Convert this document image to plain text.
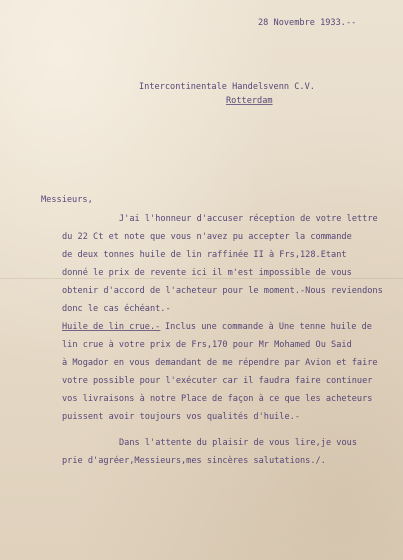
28 Novembre 1933.--
Intercontinentale Handelsvenn C.V.
Rotterdam
Messieurs,
J'ai l'honneur d'accuser réception de votre lettre
du 22 Ct et note que vous n'avez pu accepter la commande
de deux tonnes huile de lin raffinée II à Frs,128.Etant
donné le prix de revente ici il m'est impossible de vous
obtenir d'accord de l'acheteur pour le moment.-Nous reviendons
donc le cas échéant.-
Huile de lin crue.- Inclus une commande à Une tenne huile de
lin crue à votre prix de Frs,170 pour Mr Mohamed Ou Said
à Mogador en vous demandant de me répendre par Avion et faire
votre possible pour l'exécuter car il faudra faire continuer
vos livraisons à notre Place de façon à ce que les acheteurs
puissent avoir toujours vos qualités d'huile.-
Dans l'attente du plaisir de vous lire,je vous
prie d'agréer,Messieurs,mes sincères salutations./.
